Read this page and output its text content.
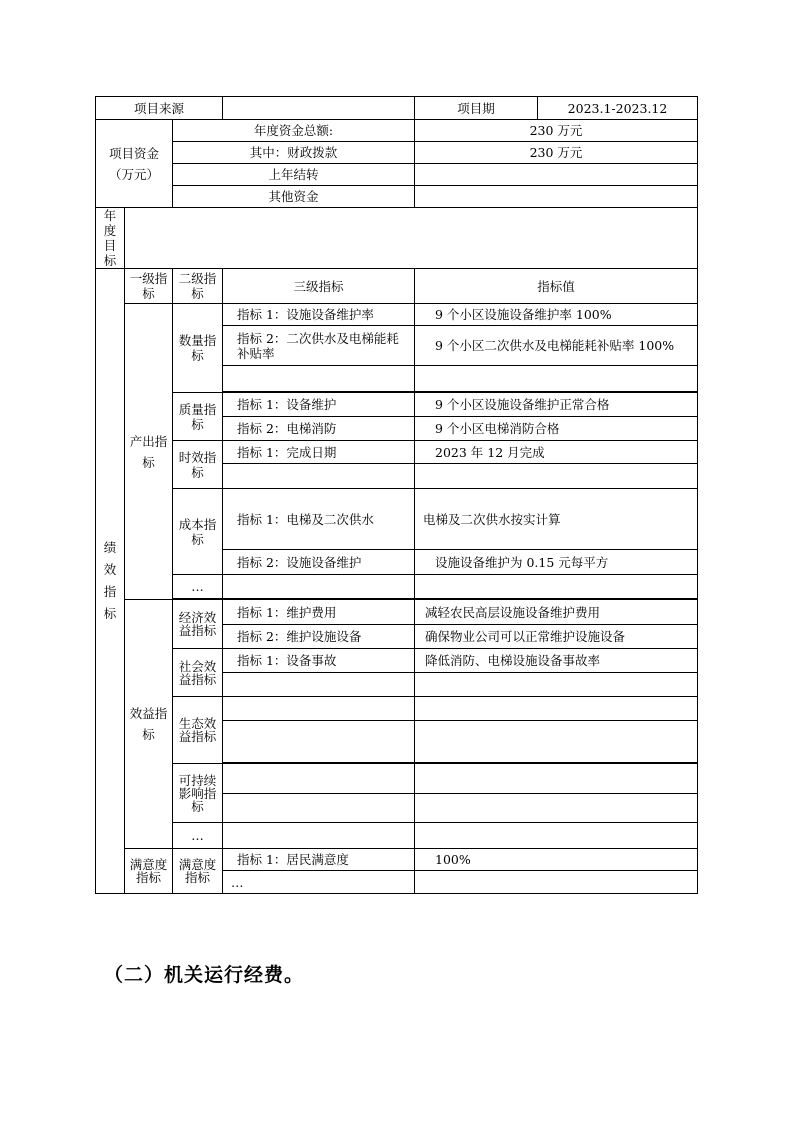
项目来源				项目期	2023.1-2023.12

项目资金
（万元）		年度资金总额:		230 万元	
		其中：财政拨款		230 万元	
		上年结转			
		其他资金			
年度目标					
绩效指标	一级指标	二级指标	三级指标	指标值	
	产出指标	数量指标	指标 1：设施设备维护率	9 个小区设施设备维护率 100%	
			指标 2：二次供水及电梯能耗补贴率	9 个小区二次供水及电梯能耗补贴率 100%	

		质量指标	指标 1：设备维护	9 个小区设施设备维护正常合格	
			指标 2：电梯消防	9 个小区电梯消防合格	
		时效指标	指标 1：完成日期	2023 年 12 月完成	

		成本指标	指标 1：电梯及二次供水	电梯及二次供水按实计算	
			指标 2：设施设备维护	设施设备维护为 0.15 元每平方	
		…			

	效益指标	经济效益指标	指标 1：维护费用	减轻农民高层设施设备维护费用	
			指标 2：维护设施设备	确保物业公司可以正常维护设施设备	
		社会效益指标	指标 1：设备事故	降低消防、电梯设施设备事故率	

		生态效益指标			

		可持续影响指标			

		…			
	满意度指标	满意度指标	指标 1：居民满意度	100%	
			…		
（二）机关运行经费。
